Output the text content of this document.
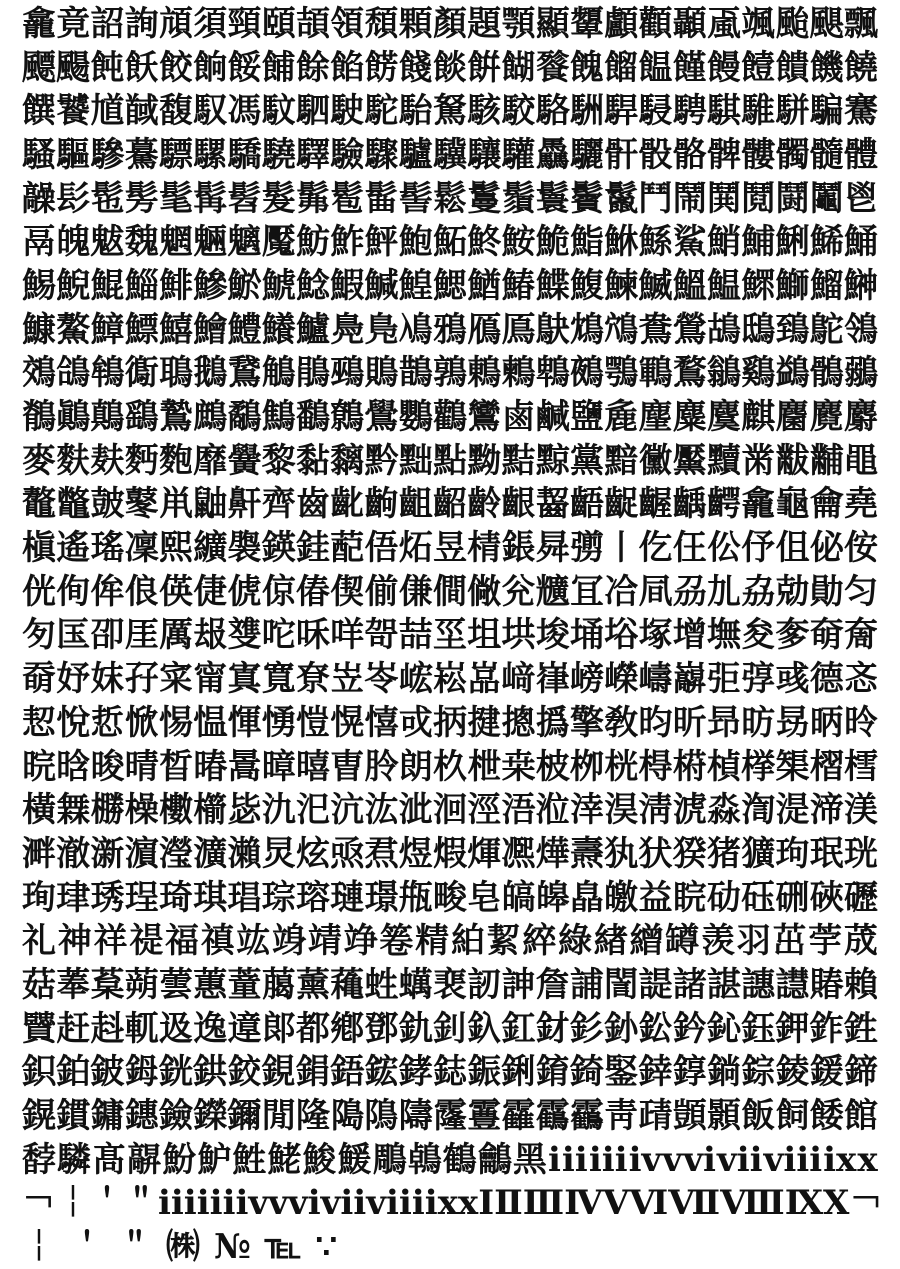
龕 竟 詔 詢 頏 須 頸 頤 頡 領 頹 顆 顏 題 顎 顯 顰 顱 顴 顳 颪 颯 颱 颶 飄
飃 颺 飩 飫 餃 餉 餒 餔 餘 餡 餝 餞 餤 餠 餬 餮 餽 餾 饂 饉 饅 饐 饋 饑 饒
饌 饕 馗 馘 馥 馭 馮 馼 駟 駛 駝 駘 駑 駭 駮 駱 駲 駻 駸 騁 騏 騅 駢 騙 騫
騷 驅 驂 驀 驃 騾 驕 驍 驛 驗 驟 驢 驥 驤 驩 驫 驪 骭 骰 骼 髀 髏 髑 髓 體
髞 髟 髢 髣 髦 髯 髫 髮 髴 髱 髷 髻 鬆 鬘 鬚 鬟 鬢 鬣 鬥 鬧 鬨 鬩 鬪 鬮 鬯
鬲 魄 魃 魏 魍 魎 魑 魘 魴 鮓 鮃 鮑 鮖 鮗 鮟 鮠 鮨 鮴 鯀 鯊 鮹 鯆 鯏 鯑 鯒
鯣 鯢 鯤 鯔 鯡 鰺 鯲 鯱 鯰 鰕 鰔 鰉 鰓 鰌 鰆 鰈 鰒 鰊 鰄 鰮 鰛 鰥 鰤 鰡 鰰
鱇 鰲 鱆 鰾 鱚 鱠 鱧 鱶 鱸 鳧 鳬 鳰 鴉 鴈 鳫 鴃 鴆 鴪 鴦 鶯 鴣 鴟 鵄 鴕 鴒
鵁 鴿 鴾 鵆 鵈 鵝 鵞 鵤 鵑 鵐 鵙 鵲 鶉 鶇 鶫 鵯 鵺 鶚 鶤 鶩 鶲 鷄 鷁 鶻 鶸
鶺 鷆 鷏 鷂 鷙 鷓 鷸 鷦 鷭 鷯 鷽 鸚 鸛 鸞 鹵 鹹 鹽 麁 麈 麋 麌 麒 麕 麑 麝
麥 麩 麸 麪 麭 靡 黌 黎 黏 黐 黔 黜 點 黝 黠 黥 黨 黯 黴 黶 黷 黹 黻 黼 黽
鼇 鼈 皷 鼕 鼡 鼬 鼾 齊 齒 齔 齣 齟 齠 齡 齦 齧 齬 齪 齷 齲 齶 龕 龜 龠 堯
槇 遙 瑤 凜 熙 纊 褜 鍈 銈 蓜 俉 炻 昱 棈 鋹 曻 彅 丨 仡 仼 伀 伃 伹 佖 侒
侊 侚 侔 俍 偀 倢 俿 倞 偆 偰 偂 傔 僴 僘 兊 兤 冝 冾 凬 刕 劜 劦 勀 勛 匀
匇 匤 卲 厓 厲 叝 﨎 咜 咊 咩 哿 喆 坙 坥 垬 埈 埇 﨏 塚 增 墲 夋 奓 奛 奝
奣 妤 妺 孖 寀 甯 寘 寬 尞 岦 岺 峵 崧 嵓 﨑 嵂 嵭 嶸 嶹 巐 弡 弴 彧 德 忞
恝 悅 悊 惞 惕 愠 惲 愑 愷 愰 憘 戓 抦 揵 摠 撝 擎 敎 昀 昕 昻 昉 昮 昞 昤
晥 晗 晙 晴 晳 暙 暠 暲 暿 曺 朎 朗 杦 枻 桒 柀 栁 桄 棏 﨓 楨 﨔 榘 槢 樰
橫 橆 橳 橾 櫢 櫤 毖 氿 汜 沆 汯 泚 洄 涇 浯 涖 涬 淏 淸 淲 淼 渹 湜 渧 渼
溿 澈 澵 濵 瀅 瀇 瀨 炅 炫 焏 焄 煜 煆 煇 凞 燁 燾 犱 犾 猤 猪 獷 玽 珉 珖
珣 珒 琇 珵 琦 琪 琩 琮 瑢 璉 璟 甁 畯 皂 皜 皞 皛 皦 益 睆 劯 砡 硎 硤 礰
礼 神 祥 禔 福 禛 竑 竧 靖 竫 箞 精 絈 絜 綷 綠 緖 繒 罇 羡 羽 茁 荢 荿
菇 菶 葈 蒴 蕓 蕙 蕫 﨟 薰 蘒 﨡 蠇 裵 訒 訷 詹 誧 誾 諟 諸 諶 譓 譿 賰 賴
贒 赶 﨣 軏 﨤 逸 遧 郞 都 鄕 鄧 釚 釗 釞 釭 釮 釤 釥 鈆 鈐 鈊 鈺 鉀 鈼 鉎
鉙 鉑 鈹 鉧 銧 鉷 鉸 鋧 鋗 鋙 鋐 﨧 鋕 鋠 鋓 錥 錡 鋻 﨨 錞 鋿 錝 錂 鍰 鍗
鎤 鏆 鏞 鏸 鐱 鑅 鑈 閒 隆 﨩 隝 隯 霳 霻 靃 靍 靏 靑 靕 顗 顥 飯 飼 餧 館
馞 驎 髙 髜 魵 魲 鮏 鮱 鮻 鰀 鵰 鵫 鶴 鸙 黑 ⅰ ⅱ ⅲ ⅳ ⅴ ⅵ ⅶ ⅷ ⅸ ⅹ
￢ ￤ ＇ ＂ ⅰ ⅱ ⅲ ⅳ ⅴ ⅵ ⅶ ⅷ ⅸ ⅹ Ⅰ Ⅱ Ⅲ Ⅳ Ⅴ Ⅵ Ⅶ Ⅷ Ⅸ Ⅹ ￢
￤ ＇ ＂ ㈱ № ℡ ∵
